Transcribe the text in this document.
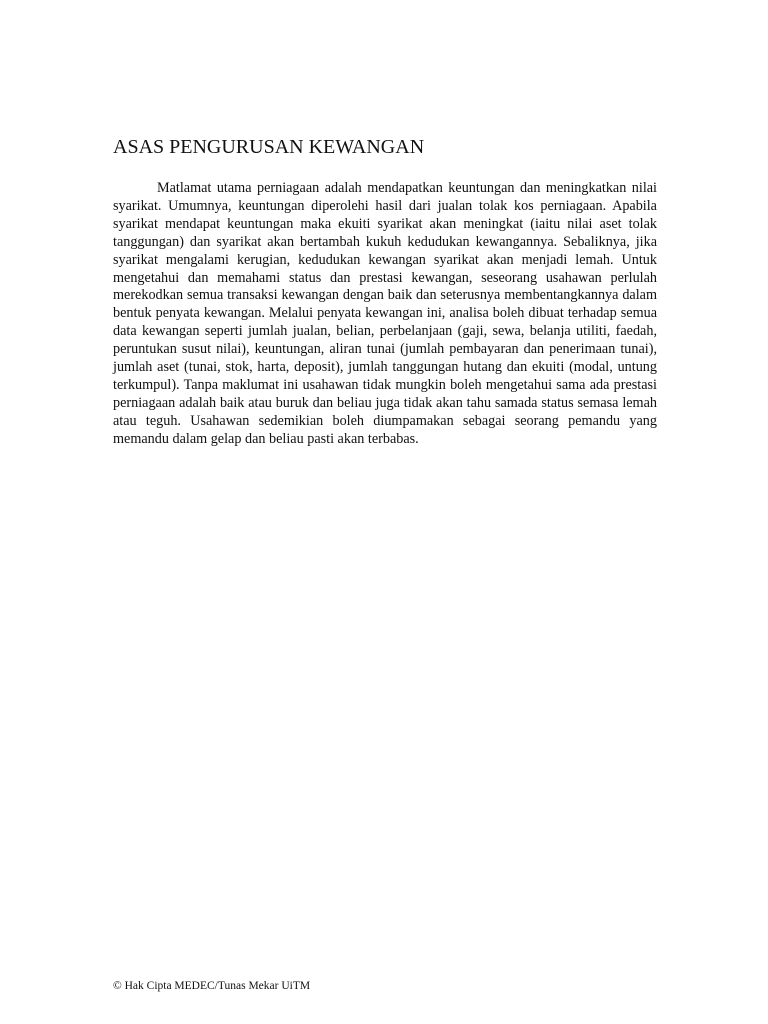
ASAS PENGURUSAN KEWANGAN

Matlamat utama perniagaan adalah mendapatkan keuntungan dan meningkatkan nilai syarikat. Umumnya, keuntungan diperolehi hasil dari jualan tolak kos perniagaan. Apabila syarikat mendapat keuntungan maka ekuiti syarikat akan meningkat (iaitu nilai aset tolak tanggungan) dan syarikat akan bertambah kukuh kedudukan kewangannya. Sebaliknya, jika syarikat mengalami kerugian, kedudukan kewangan syarikat akan menjadi lemah. Untuk mengetahui dan memahami status dan prestasi kewangan, seseorang usahawan perlulah merekodkan semua transaksi kewangan dengan baik dan seterusnya membentangkannya dalam bentuk penyata kewangan. Melalui penyata kewangan ini, analisa boleh dibuat terhadap semua data kewangan seperti jumlah jualan, belian, perbelanjaan (gaji, sewa, belanja utiliti, faedah, peruntukan susut nilai), keuntungan, aliran tunai (jumlah pembayaran dan penerimaan tunai), jumlah aset (tunai, stok, harta, deposit), jumlah tanggungan hutang dan ekuiti (modal, untung terkumpul). Tanpa maklumat ini usahawan tidak mungkin boleh mengetahui sama ada prestasi perniagaan adalah baik atau buruk dan beliau juga tidak akan tahu samada status semasa lemah atau teguh. Usahawan sedemikian boleh diumpamakan sebagai seorang pemandu yang memandu dalam gelap dan beliau pasti akan terbabas.

© Hak Cipta MEDEC/Tunas Mekar UiTM
